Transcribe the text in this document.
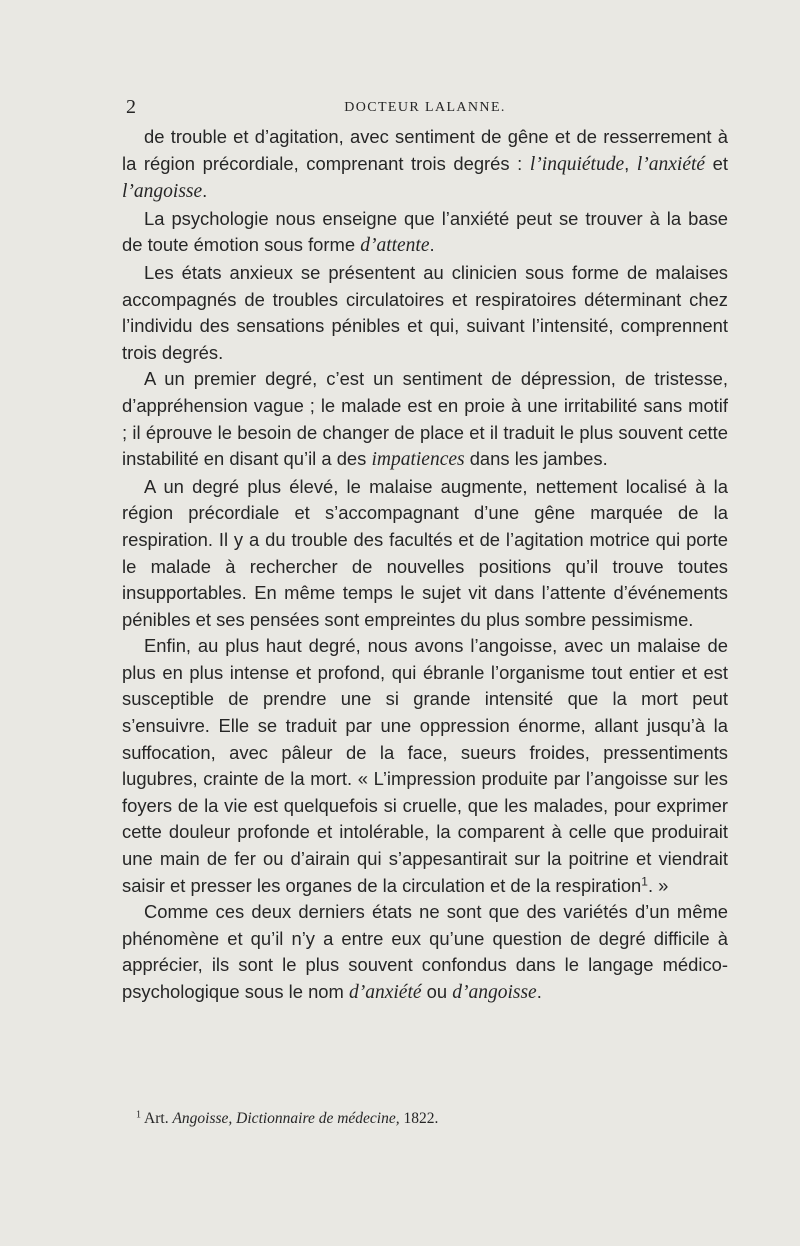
2	DOCTEUR LALANNE.

de trouble et d’agitation, avec sentiment de gêne et de resserrement à la région précordiale, comprenant trois degrés : l’inquiétude, l’anxiété et l’angoisse.

La psychologie nous enseigne que l’anxiété peut se trouver à la base de toute émotion sous forme d’attente.

Les états anxieux se présentent au clinicien sous forme de malaises accompagnés de troubles circulatoires et respiratoires déterminant chez l’individu des sensations pénibles et qui, suivant l’intensité, comprennent trois degrés.

A un premier degré, c’est un sentiment de dépression, de tristesse, d’appréhension vague ; le malade est en proie à une irritabilité sans motif ; il éprouve le besoin de changer de place et il traduit le plus souvent cette instabilité en disant qu’il a des impatiences dans les jambes.

A un degré plus élevé, le malaise augmente, nettement localisé à la région précordiale et s’accompagnant d’une gêne marquée de la respiration. Il y a du trouble des facultés et de l’agitation motrice qui porte le malade à rechercher de nouvelles positions qu’il trouve toutes insupportables. En même temps le sujet vit dans l’attente d’événements pénibles et ses pensées sont empreintes du plus sombre pessimisme.

Enfin, au plus haut degré, nous avons l’angoisse, avec un malaise de plus en plus intense et profond, qui ébranle l’organisme tout entier et est susceptible de prendre une si grande intensité que la mort peut s’ensuivre. Elle se traduit par une oppression énorme, allant jusqu’à la suffocation, avec pâleur de la face, sueurs froides, pressentiments lugubres, crainte de la mort. « L’impression produite par l’angoisse sur les foyers de la vie est quelquefois si cruelle, que les malades, pour exprimer cette douleur profonde et intolérable, la comparent à celle que produirait une main de fer ou d’airain qui s’appesantirait sur la poitrine et viendrait saisir et presser les organes de la circulation et de la respiration$^1$. »

Comme ces deux derniers états ne sont que des variétés d’un même phénomène et qu’il n’y a entre eux qu’une question de degré difficile à apprécier, ils sont le plus souvent confondus dans le langage médico-psychologique sous le nom d’anxiété ou d’angoisse.

$^1$ Art. Angoisse, Dictionnaire de médecine, 1822.
